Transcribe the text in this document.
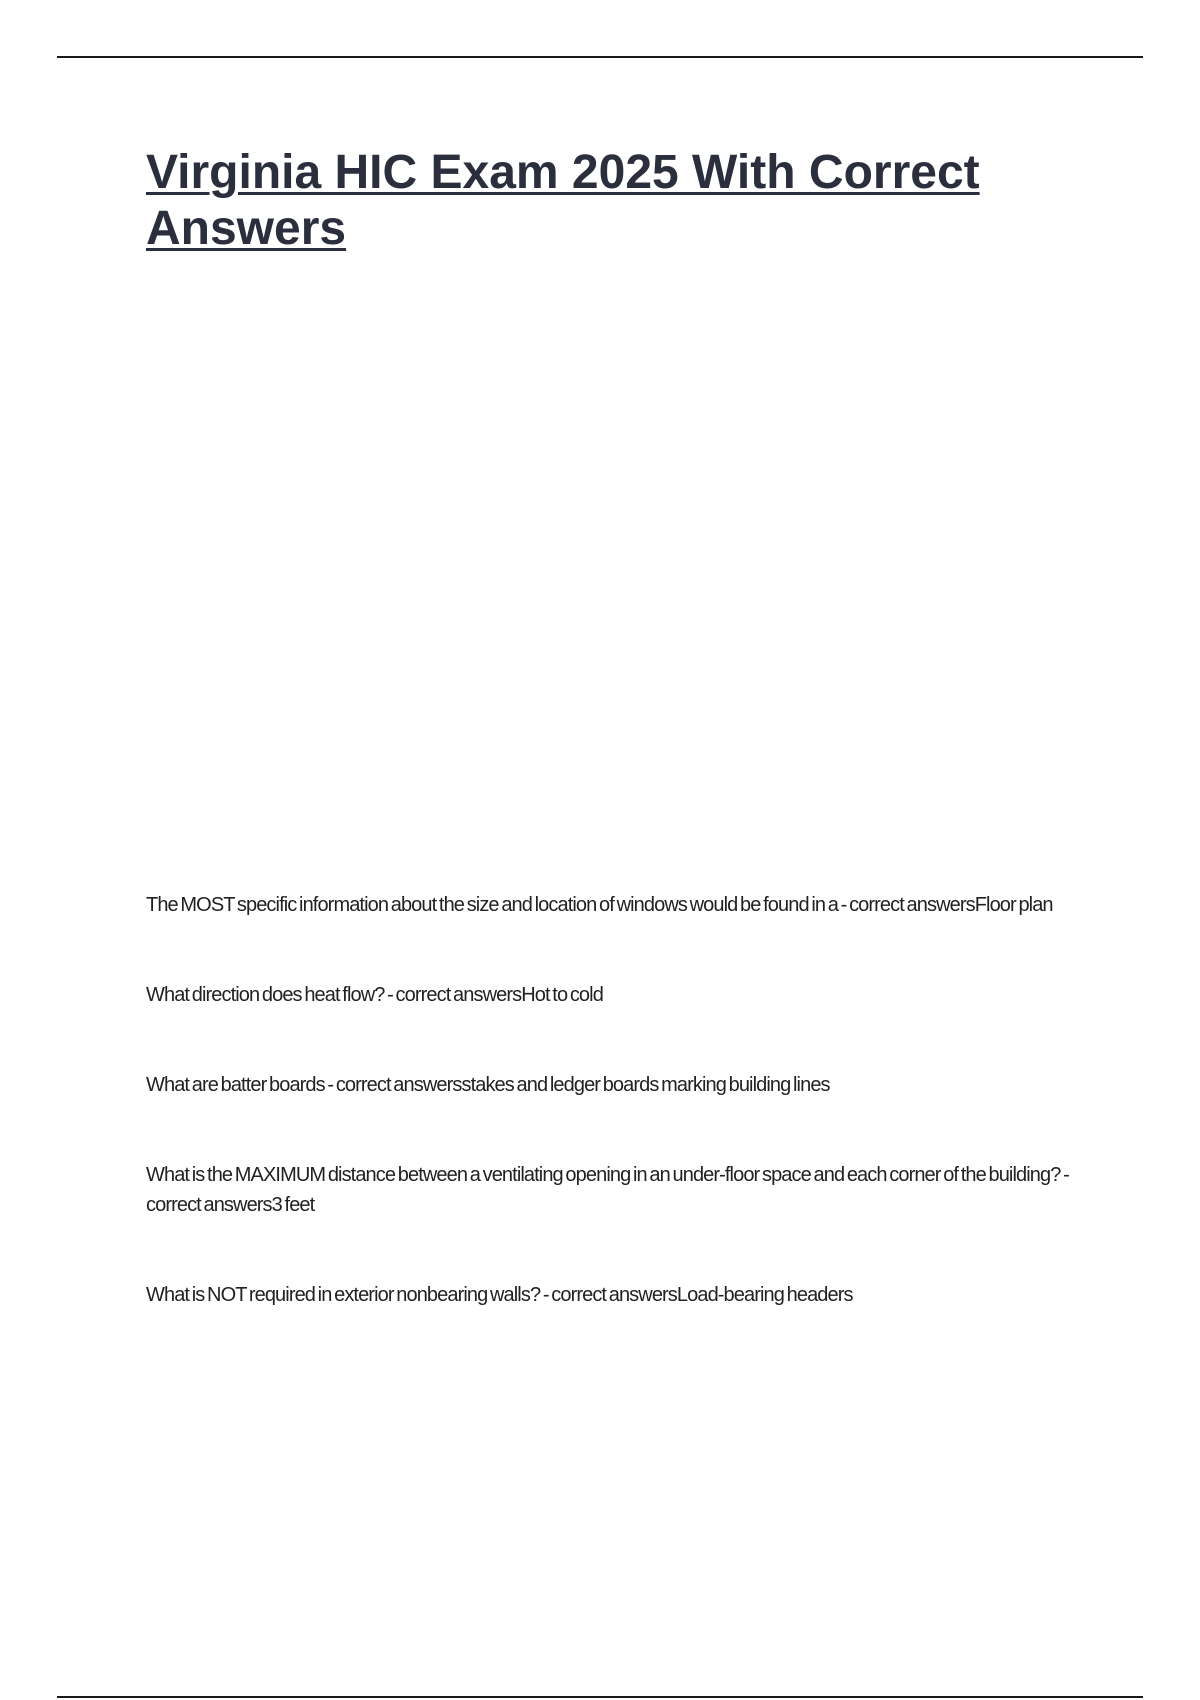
Virginia HIC Exam 2025 With Correct Answers
The MOST specific information about the size and location of windows would be found in a - correct answersFloor plan
What direction does heat flow? - correct answersHot to cold
What are batter boards - correct answersstakes and ledger boards marking building lines
What is the MAXIMUM distance between a ventilating opening in an under-floor space and each corner of the building? - correct answers3 feet
What is NOT required in exterior nonbearing walls? - correct answersLoad-bearing headers
